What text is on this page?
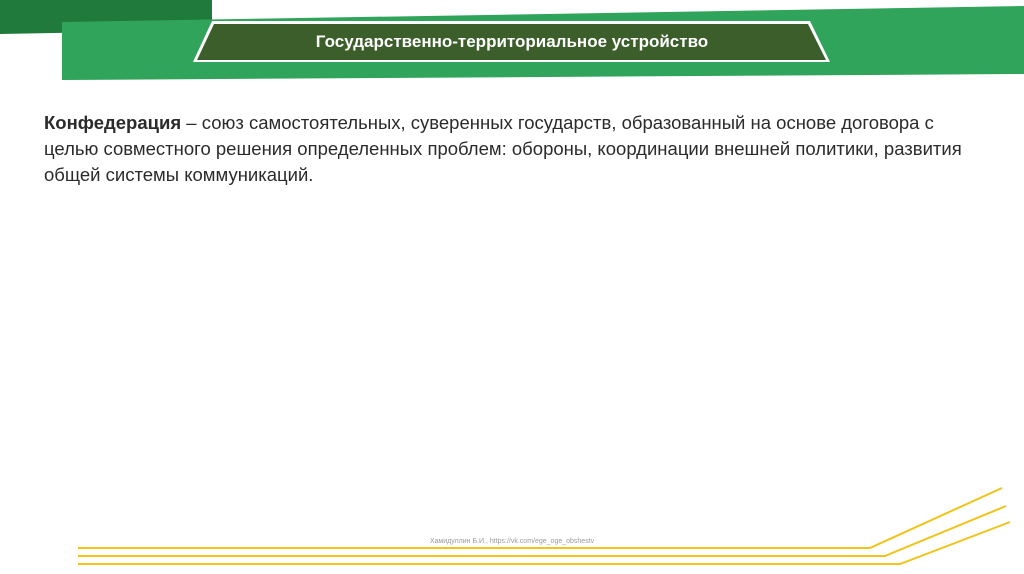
Государственно-территориальное устройство
Конфедерация – союз самостоятельных, суверенных государств, образованный на основе договора с целью совместного решения определенных проблем: обороны, координации внешней политики, развития общей системы коммуникаций.
Хамидуллин Б.И., https://vk.com/ege_oge_obshestv
